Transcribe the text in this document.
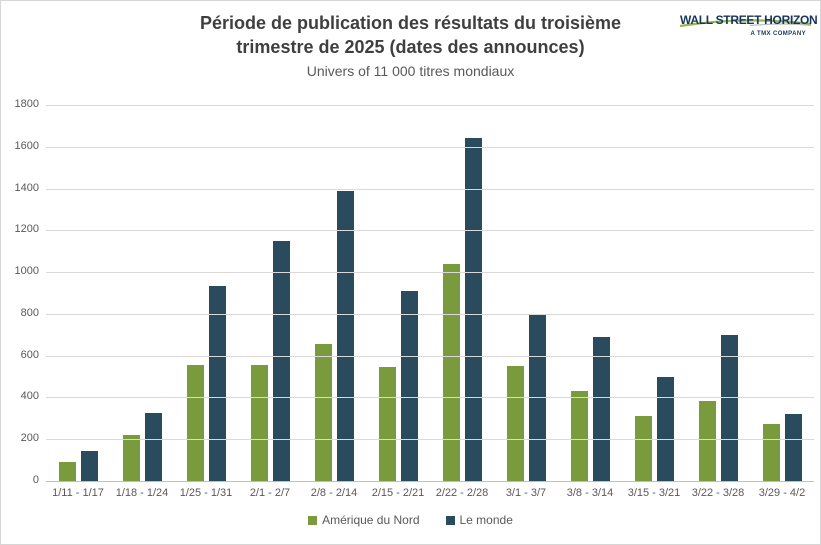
Période de publication des résultats du troisième
trimestre de 2025 (dates des announces)
Univers of 11 000 titres mondiaux
WALL STREET HORIZON
A TMX COMPANY
0
200
400
600
800
1000
1200
1400
1600
1800
1/11 - 1/17	1/18 - 1/24	1/25 - 1/31	2/1 - 2/7	2/8 - 2/14	2/15 - 2/21	2/22 - 2/28	3/1 - 3/7	3/8 - 3/14	3/15 - 3/21	3/22 - 3/28	3/29 - 4/2
Amérique du Nord	Le monde
